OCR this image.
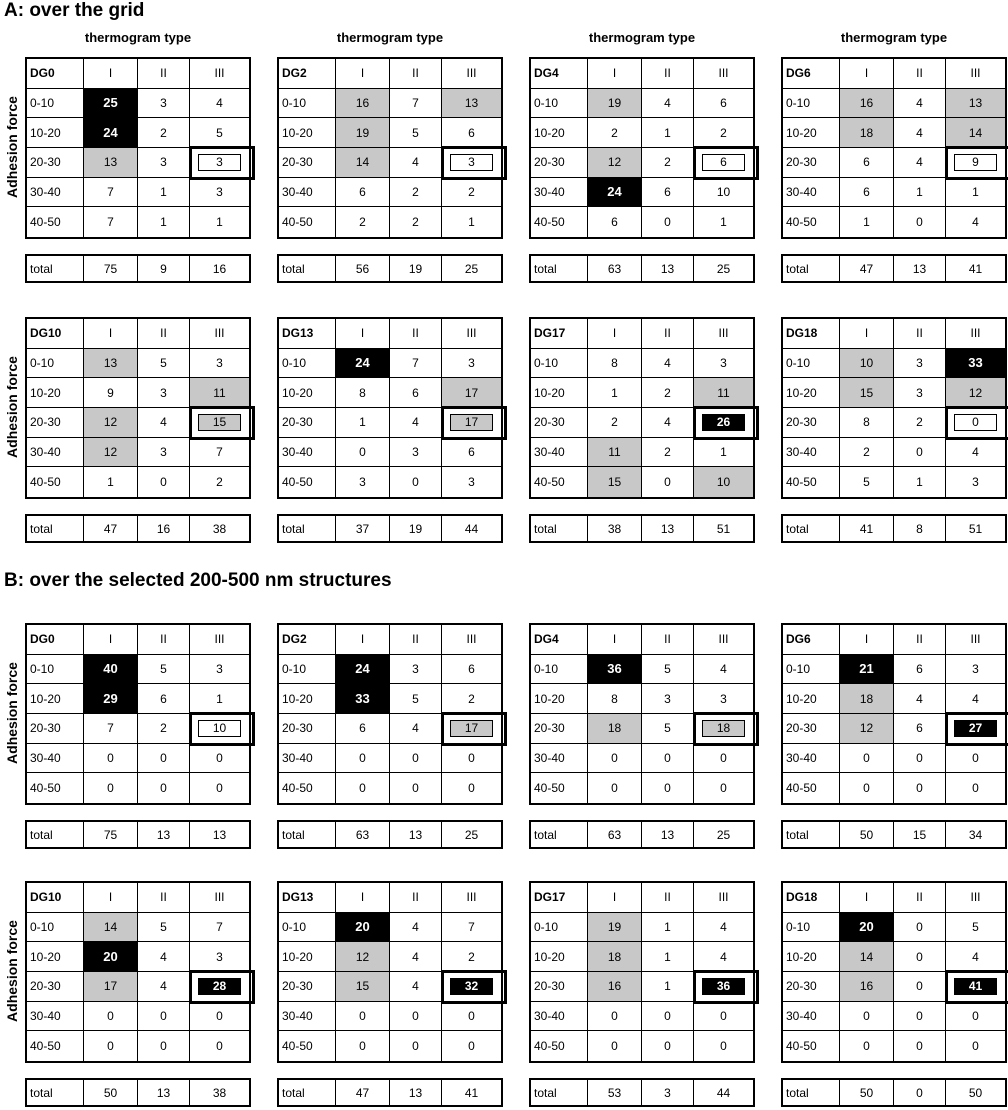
A: over the grid
B: over the selected 200-500 nm structures
Adhesion force
Adhesion force
Adhesion force
Adhesion force
thermogram type	thermogram type	thermogram type	thermogram type
DG0	I	II	III
0-10	25	3	4
10-20	24	2	5
20-30	13	3	3
30-40	7	1	3
40-50	7	1	1
total	75	9	16
DG2	I	II	III
0-10	16	7	13
10-20	19	5	6
20-30	14	4	3
30-40	6	2	2
40-50	2	2	1
total	56	19	25
DG4	I	II	III
0-10	19	4	6
10-20	2	1	2
20-30	12	2	6
30-40	24	6	10
40-50	6	0	1
total	63	13	25
DG6	I	II	III
0-10	16	4	13
10-20	18	4	14
20-30	6	4	9
30-40	6	1	1
40-50	1	0	4
total	47	13	41
DG10	I	II	III
0-10	13	5	3
10-20	9	3	11
20-30	12	4	15
30-40	12	3	7
40-50	1	0	2
total	47	16	38
DG13	I	II	III
0-10	24	7	3
10-20	8	6	17
20-30	1	4	17
30-40	0	3	6
40-50	3	0	3
total	37	19	44
DG17	I	II	III
0-10	8	4	3
10-20	1	2	11
20-30	2	4	26
30-40	11	2	1
40-50	15	0	10
total	38	13	51
DG18	I	II	III
0-10	10	3	33
10-20	15	3	12
20-30	8	2	0
30-40	2	0	4
40-50	5	1	3
total	41	8	51
DG0	I	II	III
0-10	40	5	3
10-20	29	6	1
20-30	7	2	10
30-40	0	0	0
40-50	0	0	0
total	75	13	13
DG2	I	II	III
0-10	24	3	6
10-20	33	5	2
20-30	6	4	17
30-40	0	0	0
40-50	0	0	0
total	63	13	25
DG4	I	II	III
0-10	36	5	4
10-20	8	3	3
20-30	18	5	18
30-40	0	0	0
40-50	0	0	0
total	63	13	25
DG6	I	II	III
0-10	21	6	3
10-20	18	4	4
20-30	12	6	27
30-40	0	0	0
40-50	0	0	0
total	50	15	34
DG10	I	II	III
0-10	14	5	7
10-20	20	4	3
20-30	17	4	28
30-40	0	0	0
40-50	0	0	0
total	50	13	38
DG13	I	II	III
0-10	20	4	7
10-20	12	4	2
20-30	15	4	32
30-40	0	0	0
40-50	0	0	0
total	47	13	41
DG17	I	II	III
0-10	19	1	4
10-20	18	1	4
20-30	16	1	36
30-40	0	0	0
40-50	0	0	0
total	53	3	44
DG18	I	II	III
0-10	20	0	5
10-20	14	0	4
20-30	16	0	41
30-40	0	0	0
40-50	0	0	0
total	50	0	50
